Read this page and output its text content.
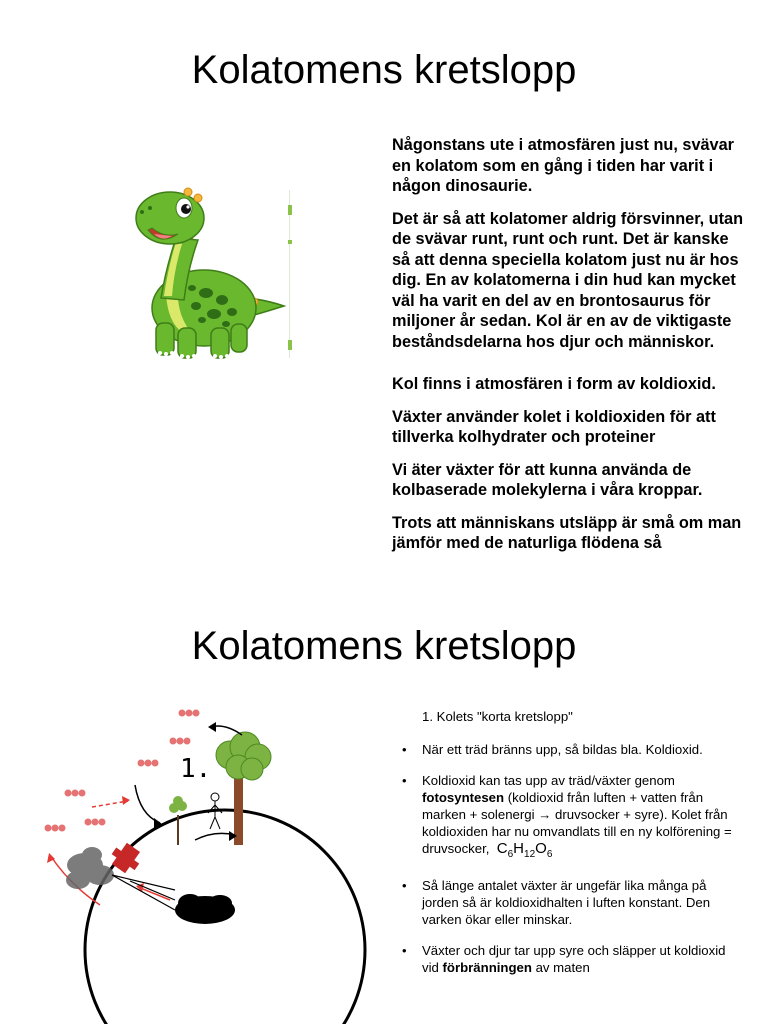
Kolatomens kretslopp

Någonstans ute i atmosfären just nu, svävar en kolatom som en gång i tiden har varit i någon dinosaurie.

Det är så att kolatomer aldrig försvinner, utan de svävar runt, runt och runt. Det är kanske så att denna speciella kolatom just nu är hos dig. En av kolatomerna i din hud kan mycket väl ha varit en del av en brontosaurus för miljoner år sedan. Kol är en av de viktigaste beståndsdelarna hos djur och människor.

Kol finns i atmosfären i form av koldioxid.

Växter använder kolet i koldioxiden för att tillverka kolhydrater och proteiner

Vi äter växter för att kunna använda de kolbaserade molekylerna i våra kroppar.

Trots att människans utsläpp är små om man jämför med de naturliga flödena så

Kolatomens kretslopp
1.
1. Kolets "korta kretslopp"
• När ett träd bränns upp, så bildas bla. Koldioxid.
• Koldioxid kan tas upp av träd/växter genom fotosyntesen (koldioxid från luften + vatten från marken + solenergi → druvsocker + syre). Kolet från koldioxiden har nu omvandlats till en ny kolförening = druvsocker, $C_6H_{12}O_6$
• Så länge antalet växter är ungefär lika många på jorden så är koldioxidhalten i luften konstant. Den varken ökar eller minskar.
• Växter och djur tar upp syre och släpper ut koldioxid vid förbränningen av maten
